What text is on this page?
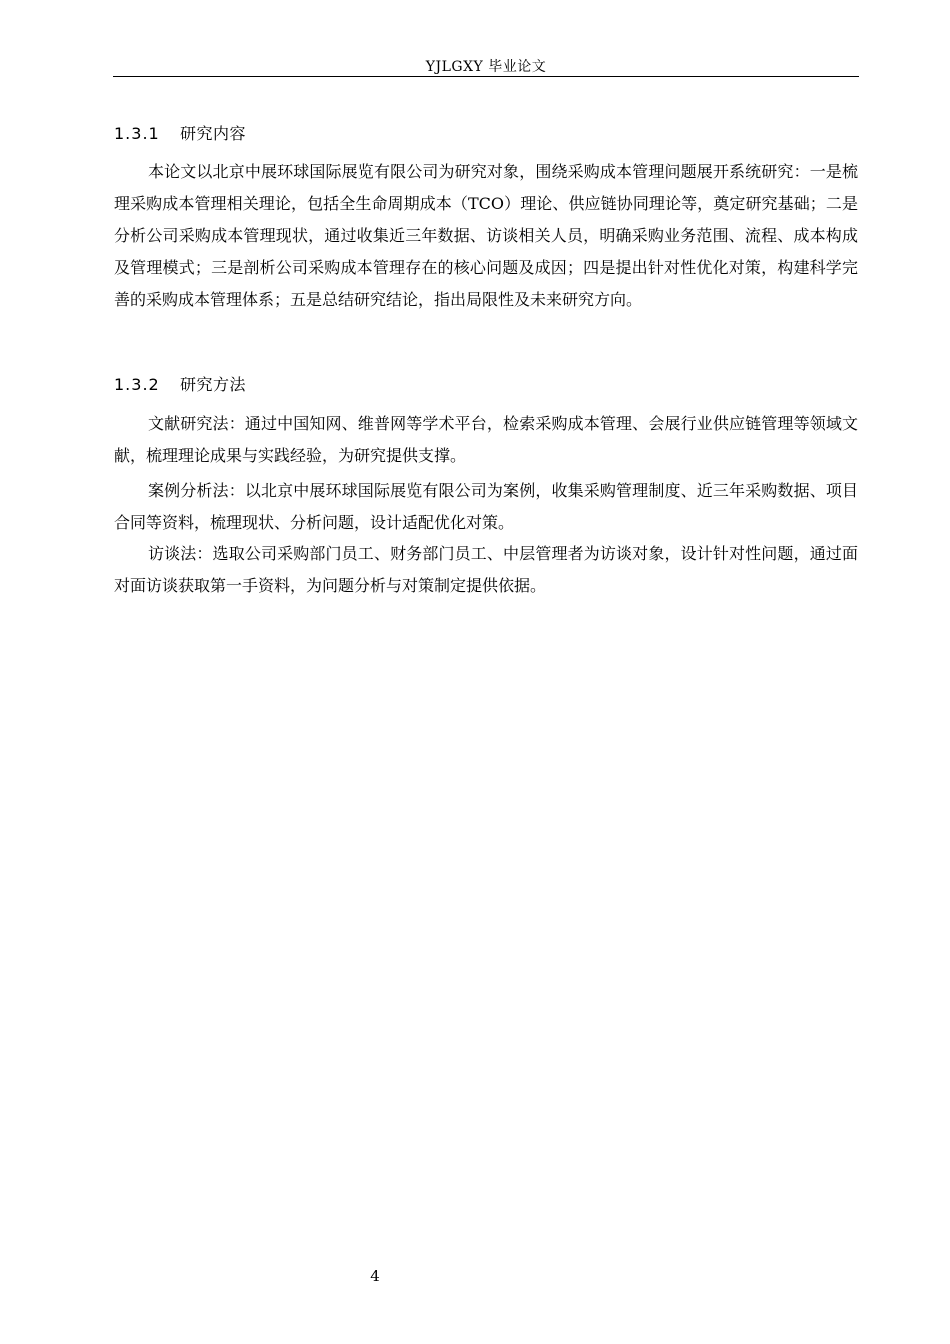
YJLGXY 毕业论文
1.3.1 研究内容

本论文以北京中展环球国际展览有限公司为研究对象，围绕采购成本管理问题展开系统研究：一是梳理采购成本管理相关理论，包括全生命周期成本（TCO）理论、供应链协同理论等，奠定研究基础；二是分析公司采购成本管理现状，通过收集近三年数据、访谈相关人员，明确采购业务范围、流程、成本构成及管理模式；三是剖析公司采购成本管理存在的核心问题及成因；四是提出针对性优化对策，构建科学完善的采购成本管理体系；五是总结研究结论，指出局限性及未来研究方向。

1.3.2 研究方法

文献研究法：通过中国知网、维普网等学术平台，检索采购成本管理、会展行业供应链管理等领域文献，梳理理论成果与实践经验，为研究提供支撑。

案例分析法：以北京中展环球国际展览有限公司为案例，收集采购管理制度、近三年采购数据、项目合同等资料，梳理现状、分析问题，设计适配优化对策。

访谈法：选取公司采购部门员工、财务部门员工、中层管理者为访谈对象，设计针对性问题，通过面对面访谈获取第一手资料，为问题分析与对策制定提供依据。

4
